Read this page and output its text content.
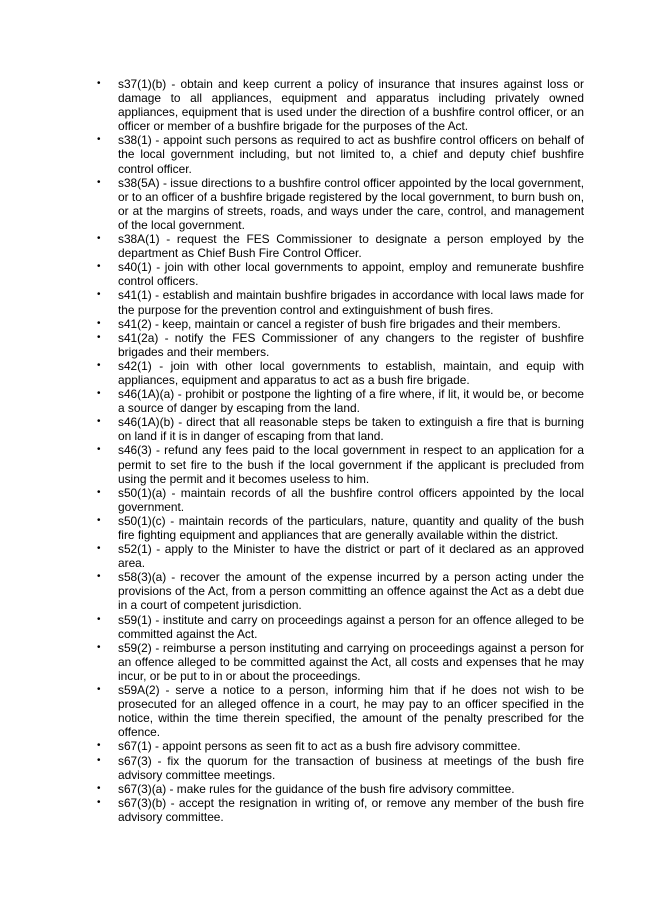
•	s37(1)(b) - obtain and keep current a policy of insurance that insures against loss or damage to all appliances, equipment and apparatus including privately owned appliances, equipment that is used under the direction of a bushfire control officer, or an officer or member of a bushfire brigade for the purposes of the Act.
•	s38(1) - appoint such persons as required to act as bushfire control officers on behalf of the local government including, but not limited to, a chief and deputy chief bushfire control officer.
•	s38(5A) - issue directions to a bushfire control officer appointed by the local government, or to an officer of a bushfire brigade registered by the local government, to burn bush on, or at the margins of streets, roads, and ways under the care, control, and management of the local government.
•	s38A(1) - request the FES Commissioner to designate a person employed by the department as Chief Bush Fire Control Officer.
•	s40(1) - join with other local governments to appoint, employ and remunerate bushfire control officers.
•	s41(1) - establish and maintain bushfire brigades in accordance with local laws made for the purpose for the prevention control and extinguishment of bush fires.
•	s41(2) - keep, maintain or cancel a register of bush fire brigades and their members.
•	s41(2a) - notify the FES Commissioner of any changers to the register of bushfire brigades and their members.
•	s42(1) - join with other local governments to establish, maintain, and equip with appliances, equipment and apparatus to act as a bush fire brigade.
•	s46(1A)(a) - prohibit or postpone the lighting of a fire where, if lit, it would be, or become a source of danger by escaping from the land.
•	s46(1A)(b) - direct that all reasonable steps be taken to extinguish a fire that is burning on land if it is in danger of escaping from that land.
•	s46(3) - refund any fees paid to the local government in respect to an application for a permit to set fire to the bush if the local government if the applicant is precluded from using the permit and it becomes useless to him.
•	s50(1)(a) - maintain records of all the bushfire control officers appointed by the local government.
•	s50(1)(c) - maintain records of the particulars, nature, quantity and quality of the bush fire fighting equipment and appliances that are generally available within the district.
•	s52(1) - apply to the Minister to have the district or part of it declared as an approved area.
•	s58(3)(a) - recover the amount of the expense incurred by a person acting under the provisions of the Act, from a person committing an offence against the Act as a debt due in a court of competent jurisdiction.
•	s59(1) - institute and carry on proceedings against a person for an offence alleged to be committed against the Act.
•	s59(2) - reimburse a person instituting and carrying on proceedings against a person for an offence alleged to be committed against the Act, all costs and expenses that he may incur, or be put to in or about the proceedings.
•	s59A(2) - serve a notice to a person, informing him that if he does not wish to be prosecuted for an alleged offence in a court, he may pay to an officer specified in the notice, within the time therein specified, the amount of the penalty prescribed for the offence.
•	s67(1) - appoint persons as seen fit to act as a bush fire advisory committee.
•	s67(3) - fix the quorum for the transaction of business at meetings of the bush fire advisory committee meetings.
•	s67(3)(a) - make rules for the guidance of the bush fire advisory committee.
•	s67(3)(b) - accept the resignation in writing of, or remove any member of the bush fire advisory committee.
